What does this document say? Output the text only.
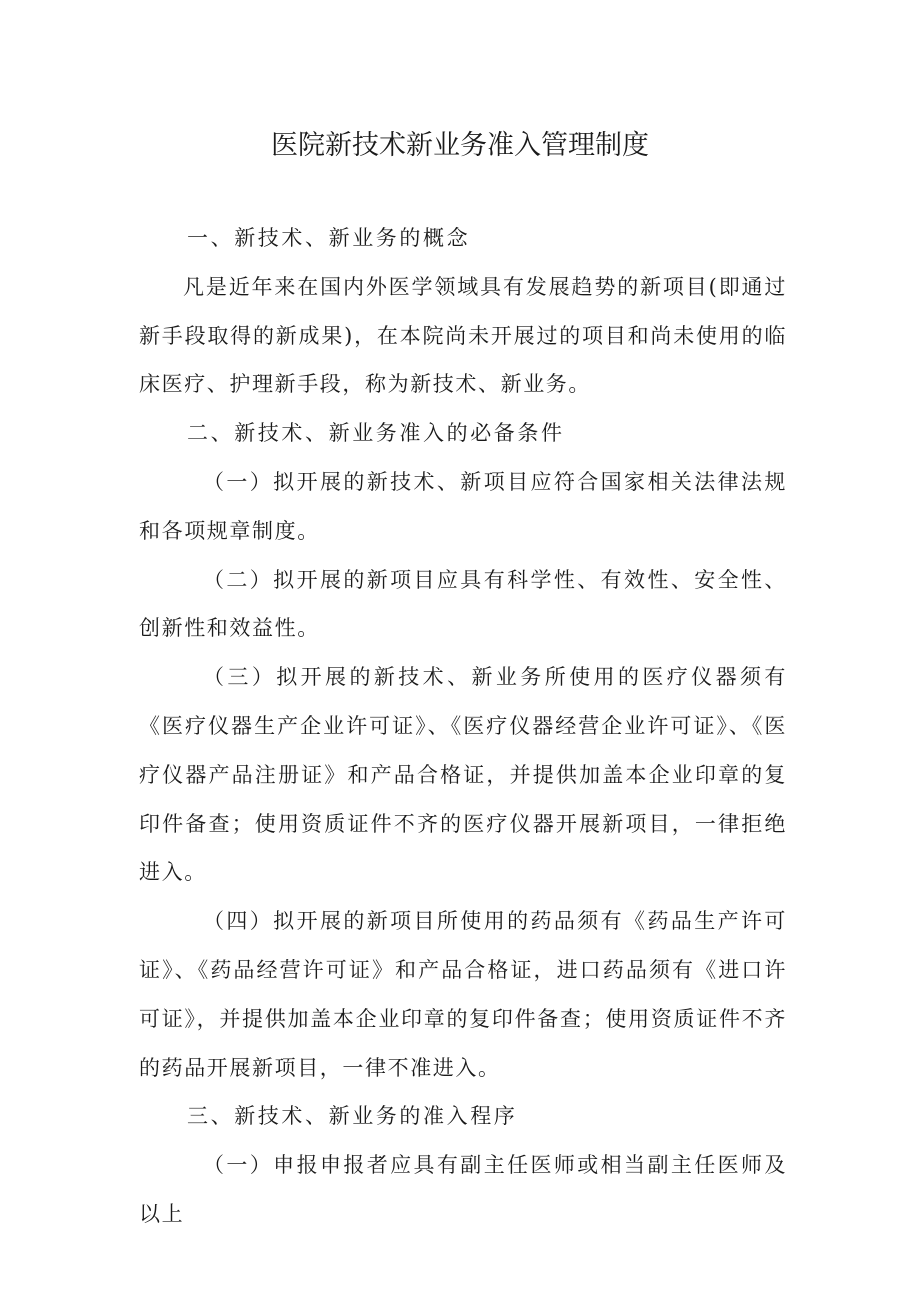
医院新技术新业务准入管理制度
一、新技术、新业务的概念

凡是近年来在国内外医学领域具有发展趋势的新项目(即通过新手段取得的新成果)，在本院尚未开展过的项目和尚未使用的临床医疗、护理新手段，称为新技术、新业务。

二、新技术、新业务准入的必备条件

（一）拟开展的新技术、新项目应符合国家相关法律法规和各项规章制度。

（二）拟开展的新项目应具有科学性、有效性、安全性、创新性和效益性。

（三）拟开展的新技术、新业务所使用的医疗仪器须有《医疗仪器生产企业许可证》、《医疗仪器经营企业许可证》、《医疗仪器产品注册证》和产品合格证，并提供加盖本企业印章的复印件备查；使用资质证件不齐的医疗仪器开展新项目，一律拒绝进入。

（四）拟开展的新项目所使用的药品须有《药品生产许可证》、《药品经营许可证》和产品合格证，进口药品须有《进口许可证》，并提供加盖本企业印章的复印件备查；使用资质证件不齐的药品开展新项目，一律不准进入。

三、新技术、新业务的准入程序

（一）申报申报者应具有副主任医师或相当副主任医师及以上
